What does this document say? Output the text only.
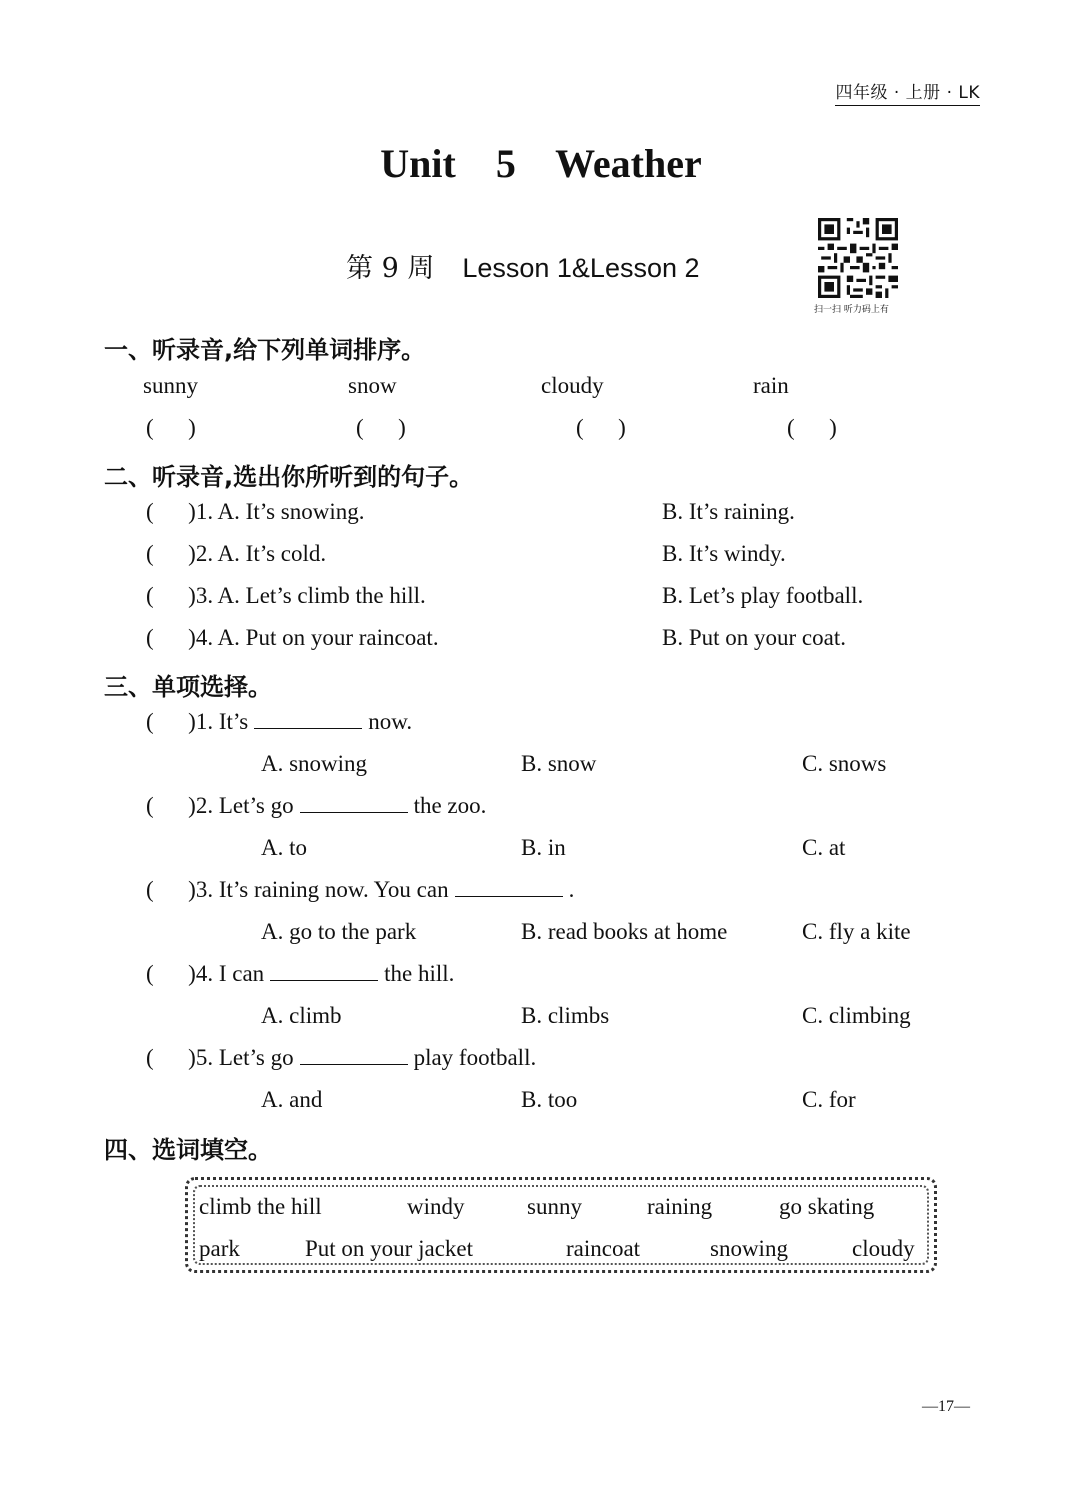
四年级 · 上册 · LK
Unit 5 Weather
第 9 周 Lesson 1&Lesson 2
扫一扫 听力码上有
一、听录音,给下列单词排序。
sunny	snow	cloudy	rain
(      )	(      )	(      )	(      )
二、听录音,选出你所听到的句子。
(      )1. A. It’s snowing.	B. It’s raining.
(      )2. A. It’s cold.	B. It’s windy.
(      )3. A. Let’s climb the hill.	B. Let’s play football.
(      )4. A. Put on your raincoat.	B. Put on your coat.
三、单项选择。
(      )1. It’s	now.
A. snowing	B. snow	C. snows
(      )2. Let’s go	the zoo.
A. to	B. in	C. at
(      )3. It’s raining now. You can	.
A. go to the park	B. read books at home	C. fly a kite
(      )4. I can	the hill.
A. climb	B. climbs	C. climbing
(      )5. Let’s go	play football.
A. and	B. too	C. for
四、选词填空。
climb the hill	windy	sunny	raining	go skating
park	Put on your jacket	raincoat	snowing	cloudy
—17—
